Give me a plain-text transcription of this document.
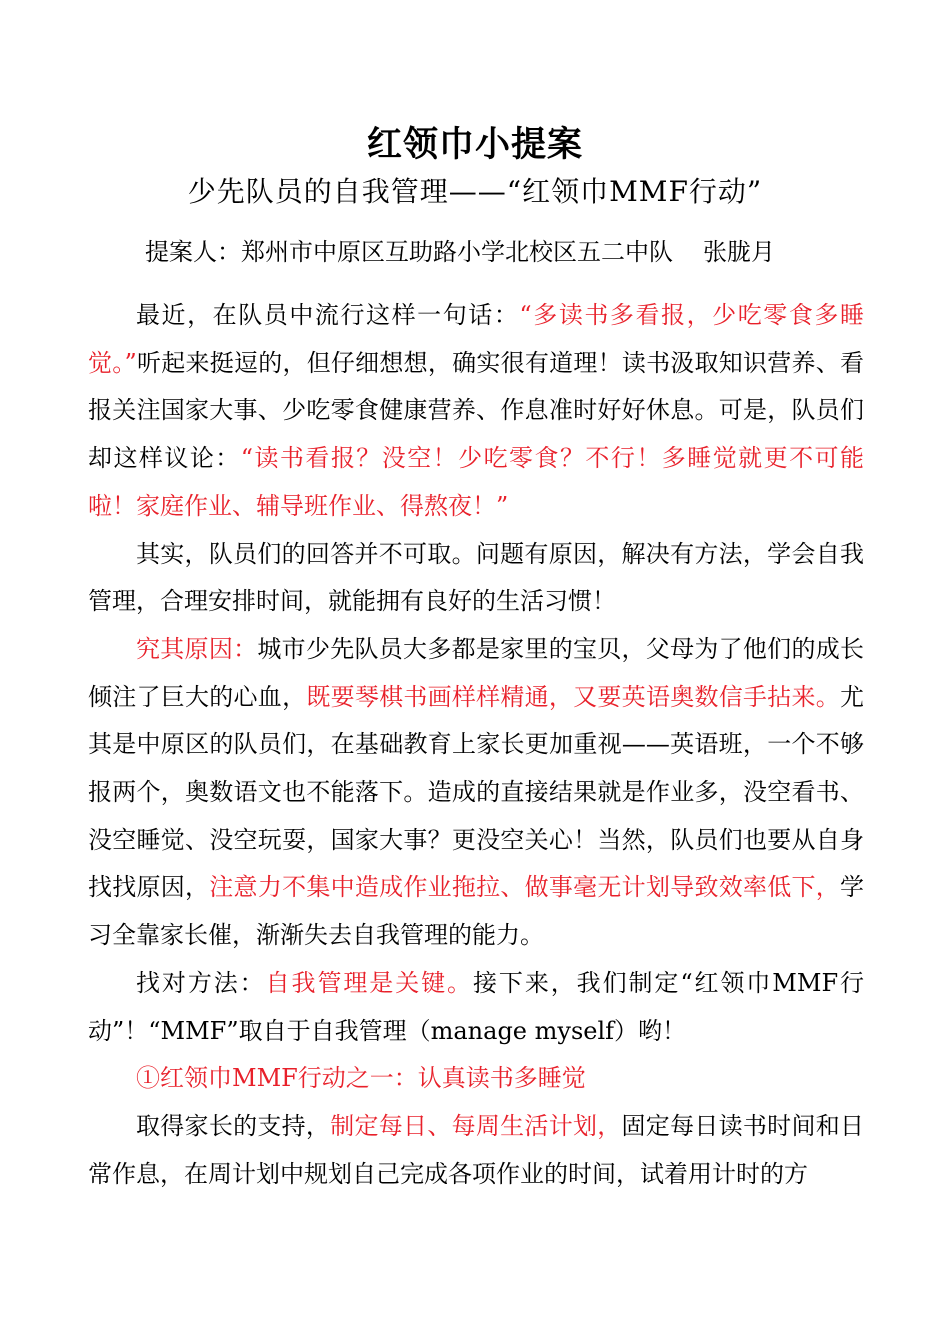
红领巾小提案
少先队员的自我管理——“红领巾MMF行动”
提案人：郑州市中原区互助路小学北校区五二中队 张胧月

最近，在队员中流行这样一句话：“多读书多看报，少吃零食多睡觉。”听起来挺逗的，但仔细想想，确实很有道理！读书汲取知识营养、看报关注国家大事、少吃零食健康营养、作息准时好好休息。可是，队员们却这样议论：“读书看报？没空！少吃零食？不行！多睡觉就更不可能啦！家庭作业、辅导班作业、得熬夜！”

其实，队员们的回答并不可取。问题有原因，解决有方法，学会自我管理，合理安排时间，就能拥有良好的生活习惯！

究其原因：城市少先队员大多都是家里的宝贝，父母为了他们的成长倾注了巨大的心血，既要琴棋书画样样精通，又要英语奥数信手拈来。尤其是中原区的队员们，在基础教育上家长更加重视——英语班，一个不够报两个，奥数语文也不能落下。造成的直接结果就是作业多，没空看书、没空睡觉、没空玩耍，国家大事？更没空关心！当然，队员们也要从自身找找原因，注意力不集中造成作业拖拉、做事毫无计划导致效率低下，学习全靠家长催，渐渐失去自我管理的能力。

找对方法：自我管理是关键。接下来，我们制定“红领巾MMF行动”！“MMF”取自于自我管理（manage myself）哟！

①红领巾MMF行动之一：认真读书多睡觉

取得家长的支持，制定每日、每周生活计划，固定每日读书时间和日常作息，在周计划中规划自己完成各项作业的时间，试着用计时的方
